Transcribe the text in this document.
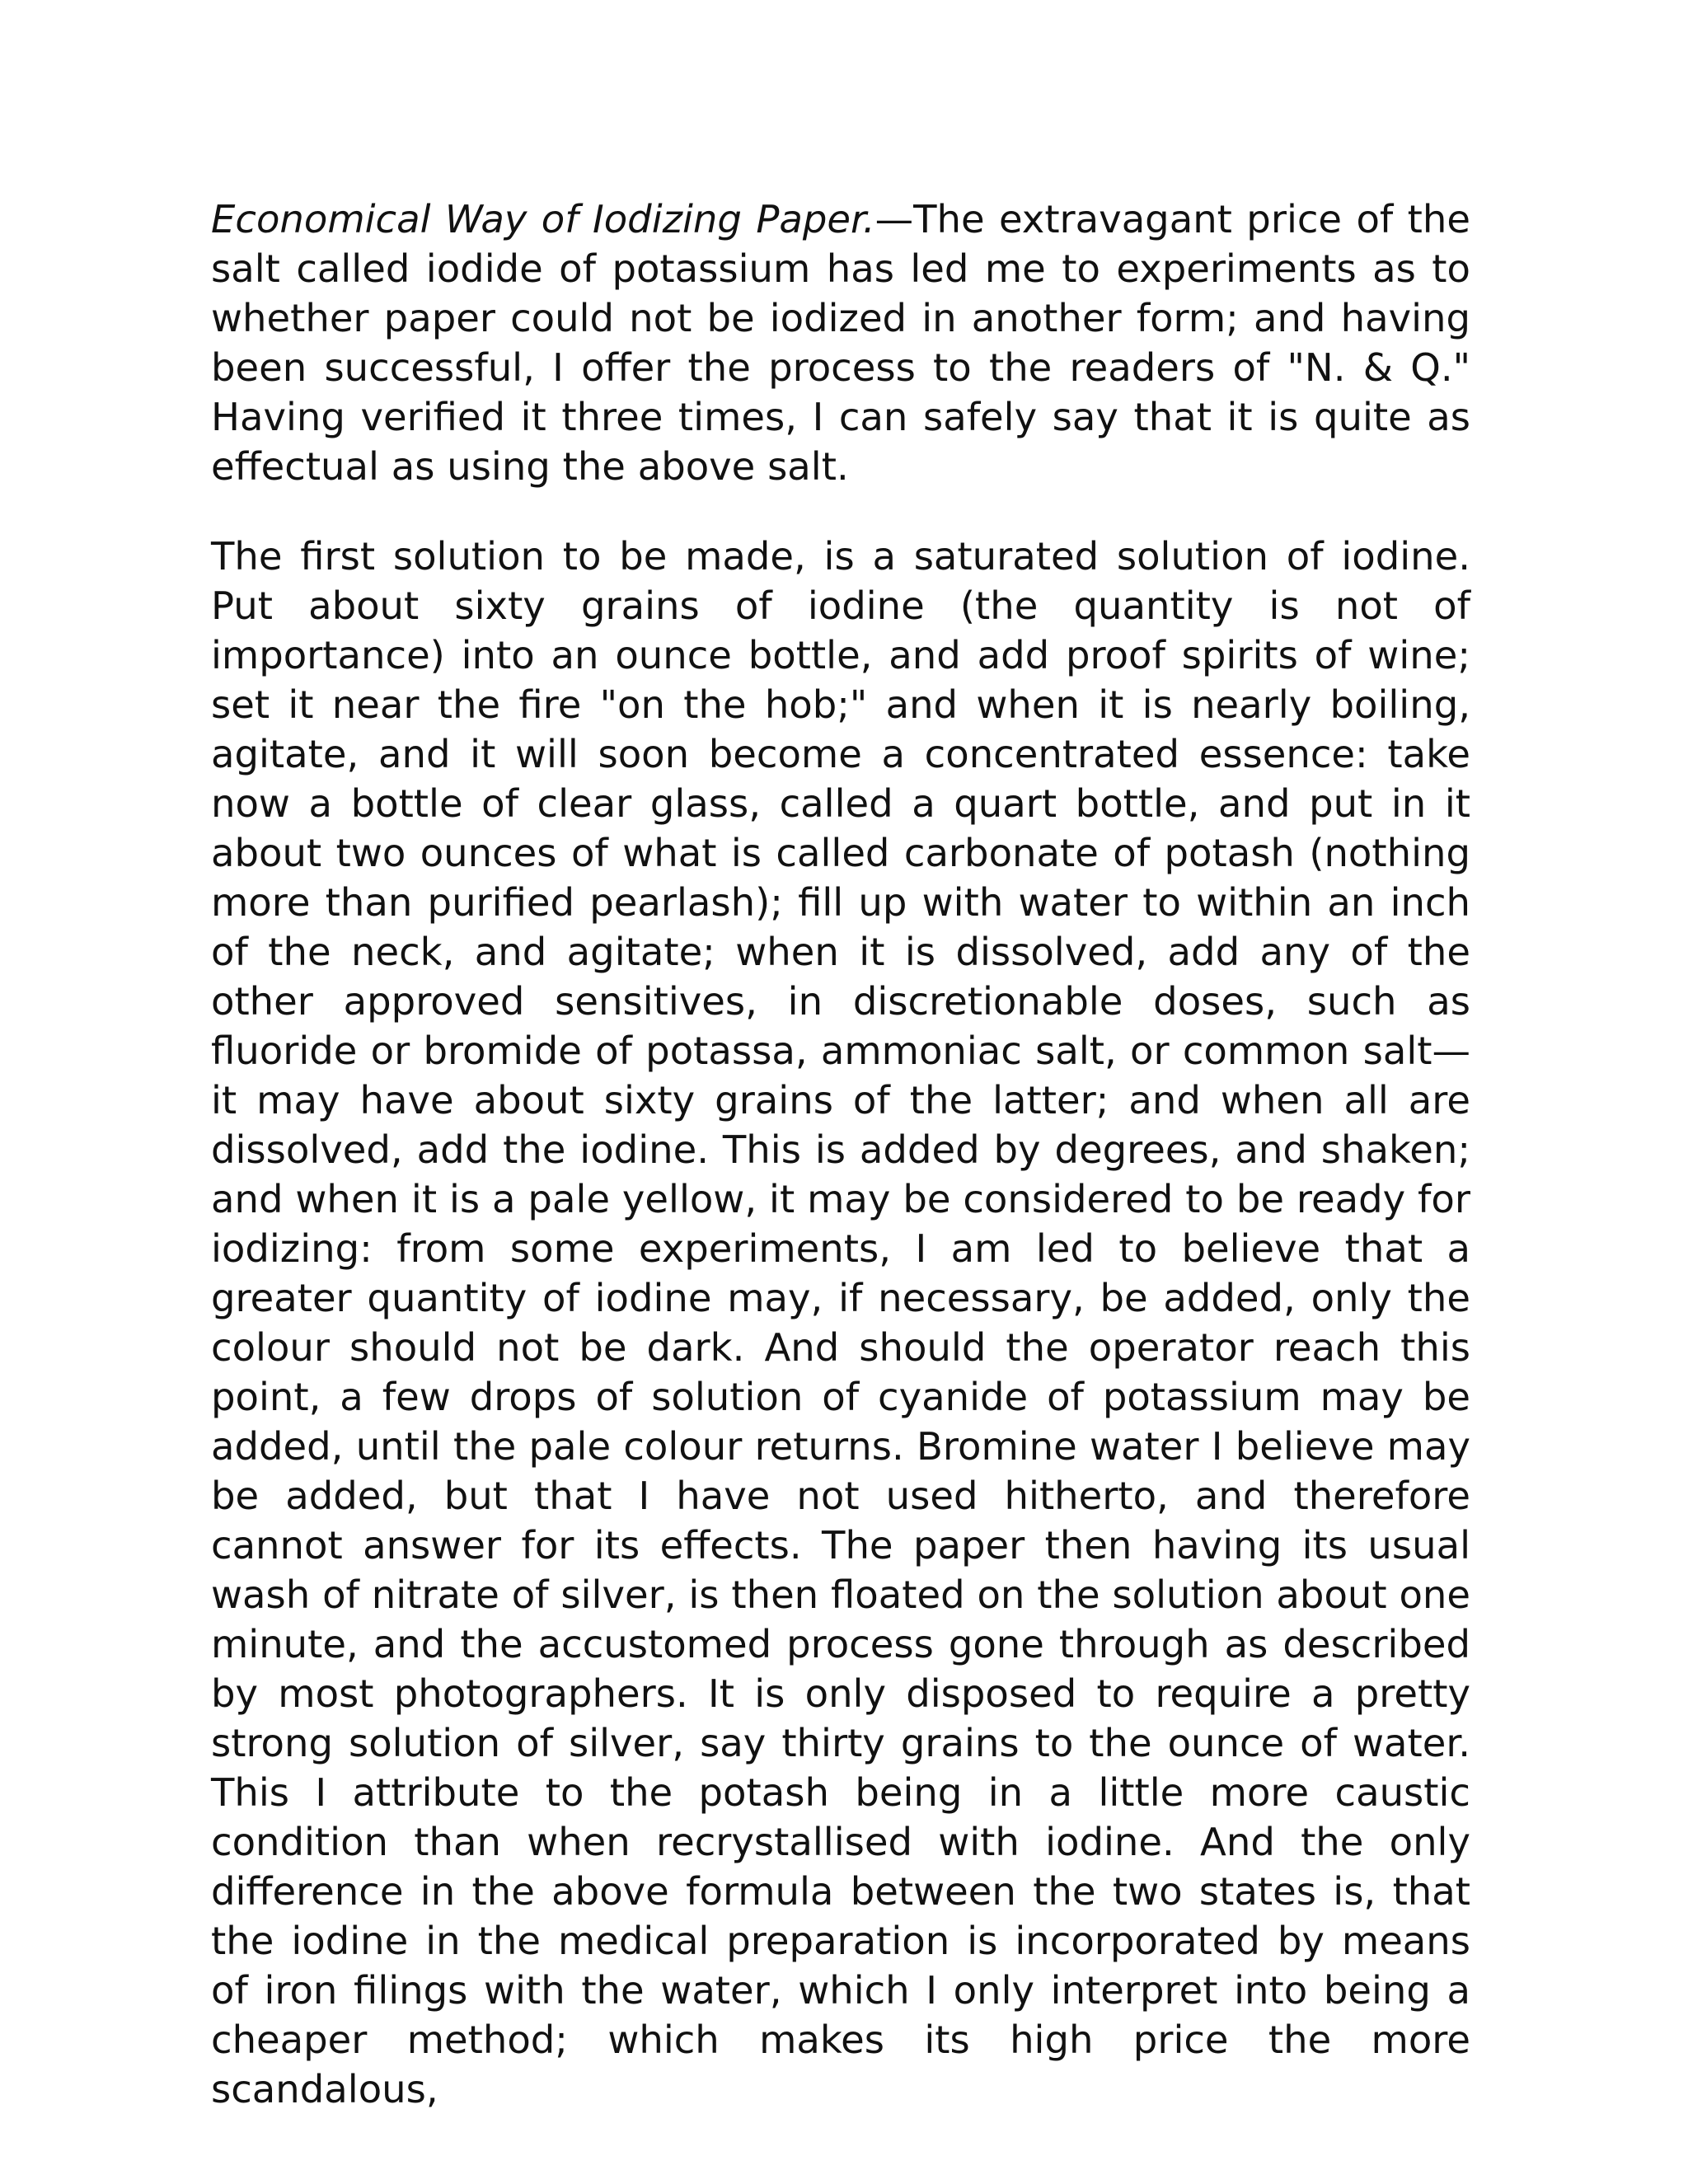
Economical Way of Iodizing Paper.—The extravagant price of the salt called iodide of potassium has led me to experiments as to whether paper could not be iodized in another form; and having been successful, I offer the process to the readers of "N. & Q." Having verified it three times, I can safely say that it is quite as effectual as using the above salt.

The first solution to be made, is a saturated solution of iodine. Put about sixty grains of iodine (the quantity is not of importance) into an ounce bottle, and add proof spirits of wine; set it near the fire "on the hob;" and when it is nearly boiling, agitate, and it will soon become a concentrated essence: take now a bottle of clear glass, called a quart bottle, and put in it about two ounces of what is called carbonate of potash (nothing more than purified pearlash); fill up with water to within an inch of the neck, and agitate; when it is dissolved, add any of the other approved sensitives, in discretionable doses, such as fluoride or bromide of potassa, ammoniac salt, or common salt—it may have about sixty grains of the latter; and when all are dissolved, add the iodine. This is added by degrees, and shaken; and when it is a pale yellow, it may be considered to be ready for iodizing: from some experiments, I am led to believe that a greater quantity of iodine may, if necessary, be added, only the colour should not be dark. And should the operator reach this point, a few drops of solution of cyanide of potassium may be added, until the pale colour returns. Bromine water I believe may be added, but that I have not used hitherto, and therefore cannot answer for its effects. The paper then having its usual wash of nitrate of silver, is then floated on the solution about one minute, and the accustomed process gone through as described by most photographers. It is only disposed to require a pretty strong solution of silver, say thirty grains to the ounce of water. This I attribute to the potash being in a little more caustic condition than when recrystallised with iodine. And the only difference in the above formula between the two states is, that the iodine in the medical preparation is incorporated by means of iron filings with the water, which I only interpret into being a cheaper method; which makes its high price the more scandalous,
